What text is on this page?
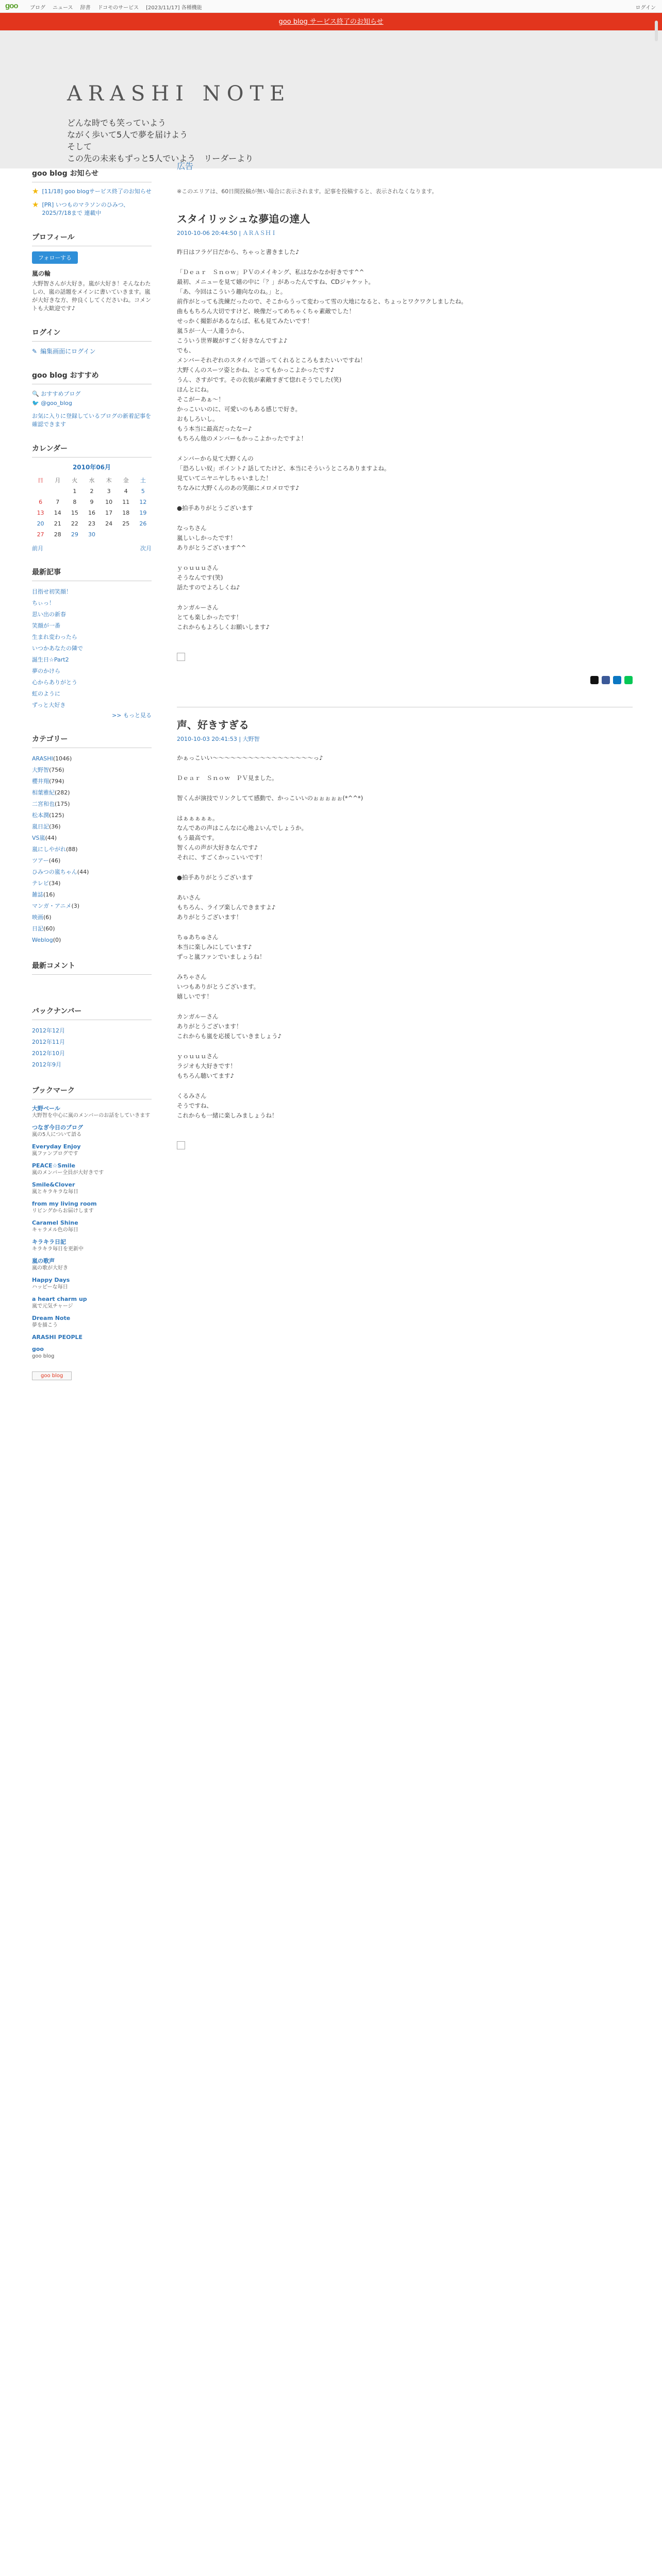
goo ブログ ニュース 辞書 ドコモのサービス [2023/11/17] 各種機能	ログイン
goo blog サービス終了のお知らせ
ARASHI NOTE
どんな時でも笑っていよう
ながく歩いて5人で夢を届けよう
そして
この先の未来もずっと5人でいよう　リーダーより
goo blog お知らせ
★ [11/18] goo blogサービス終了のお知らせ
★ [PR] いつものマラソンのひみつ、2025/7/18まで 連載中
プロフィール
フォローする
嵐の輪
大野智さんが大好き。嵐が大好き！そんなわたしの、嵐の話題をメインに書いていきます。嵐が大好きな方、仲良くしてくださいね。コメントも大歓迎です♪
ログイン
✎ 編集画面にログイン
goo blog おすすめ
🔍 おすすめブログ
🐦 @goo_blog
お気に入りに登録しているブログの新着記事を確認できます
カレンダー
2010年06月
日	月	火	水	木	金	土
		1	2	3	4	5
6	7	8	9	10	11	12
13	14	15	16	17	18	19
20	21	22	23	24	25	26
27	28	29	30			
前月	次月
最新記事
目指せ初笑顔！
ちぃっ！
思い出の新春
笑顔が一番
生まれ変わったら
いつかあなたの隣で
誕生日☆Part2
夢のかけら
心からありがとう
虹のように
ずっと大好き
>> もっと見る
カテゴリー
ARASHI(1046)
大野智(756)
櫻井翔(794)
相葉雅紀(282)
二宮和也(175)
松本潤(125)
嵐日記(36)
VS嵐(44)
嵐にしやがれ(88)
ツアー(46)
ひみつの嵐ちゃん(44)
テレビ(34)
雑誌(16)
マンガ・アニメ(3)
映画(6)
日記(60)
Weblog(0)
最新コメント
バックナンバー
2012年12月
2012年11月
2012年10月
2012年9月
ブックマーク
大野ベール
大野智を中心に嵐のメンバーのお話をしていきます
つなぎ今日のブログ
嵐の5人について語る
Everyday Enjoy
嵐ファンブログです
PEACE☆Smile
嵐のメンバー全員が大好きです
Smile&Clover
嵐とキラキラな毎日
from my living room
リビングからお届けします
Caramel Shine
キャラメル色の毎日
キラキラ日記
キラキラ毎日を更新中
嵐の歌声
嵐の歌が大好き
Happy Days
ハッピーな毎日
a heart charm up
嵐で元気チャージ
Dream Note
夢を描こう
ARASHI PEOPLE
goo
goo blog
goo blog
広告
※このエリアは、60日間投稿が無い場合に表示されます。記事を投稿すると、表示されなくなります。
スタイリッシュな夢追の達人
2010-10-06 20:44:50 | ＡＲＡＳＨＩ

昨日はフラゲ日だから、ちゃっと書きました♪

「Ｄｅａｒ　Ｓｎｏｗ」ＰＶのメイキング、私はなかなか好きです^^

最初、メニューを見て嬉の中に「？」があったんですね、CDジャケット。

「あ、今回はこういう趣向なのね。」と。

前作がとっても洗練だったので、そこからうって変わって雪の大地になると、ちょっとワクワクしましたね。

曲ももちろん大切ですけど、映像だってめちゃくちゃ素敵でした！

せっかく撮影があるならば、私も見てみたいです！

嵐５が一人一人違うから、

こういう世界観がすごく好きなんですよ♪

でも、

メンバーそれぞれのスタイルで語ってくれるところもまたいいですね！

大野くんのスーツ姿とかね、とってもかっこよかったです♪

うん、さすがです。その衣装が素敵すぎて惚れそうでした(笑)

ほんとにね。

そこがーあぁ～！

かっこいいのに、可愛いのもある感じで好き。

おもしろいし。

もう本当に最高だったなー♪

もちろん他のメンバーもかっこよかったですよ！

メンバーから見て大野くんの

「恐ろしい奴」ポイント♪ 話してたけど、本当にそういうところありますよね。

見ていてニヤニヤしちゃいました！

ちなみに大野くんのあの笑顔にメロメロです♪

●拍手ありがとうございます

なっちさん

嵐しいしかったです！

ありがとうございます^^

ｙｏｕｕｕさん

そうなんです(笑)

話たすのでよろしくね♪

カンガルーさん

とても楽しかったです！

これからもよろしくお願いします♪

声、好きすぎる
2010-10-03 20:41:53 | 大野智

かぁっこいい～～～～～～～～～～～～～～～～～っ♪

Ｄｅａｒ　Ｓｎｏｗ　ＰＶ見ました。

智くんが演技でリンクしてて感動で、かっこいいのぉぉぉぉぉ(*^^*)

はぁぁぁぁぁ。

なんであの声はこんなに心地よいんでしょうか。

もう最高です。

智くんの声が大好きなんです♪

それに、すごくかっこいいです！

●拍手ありがとうございます

あいさん

もちろん、ライブ楽しんできますよ♪

ありがとうございます！

ちゅあちゅさん

本当に楽しみにしています♪

ずっと嵐ファンでいましょうね！

みちゃさん

いつもありがとうございます。

嬉しいです！

カンガルーさん

ありがとうございます！

これからも嵐を応援していきましょう♪

ｙｏｕｕｕさん

ラジオも大好きです！

もちろん聴いてます♪

くるみさん

そうですね、

これからも一緒に楽しみましょうね！
